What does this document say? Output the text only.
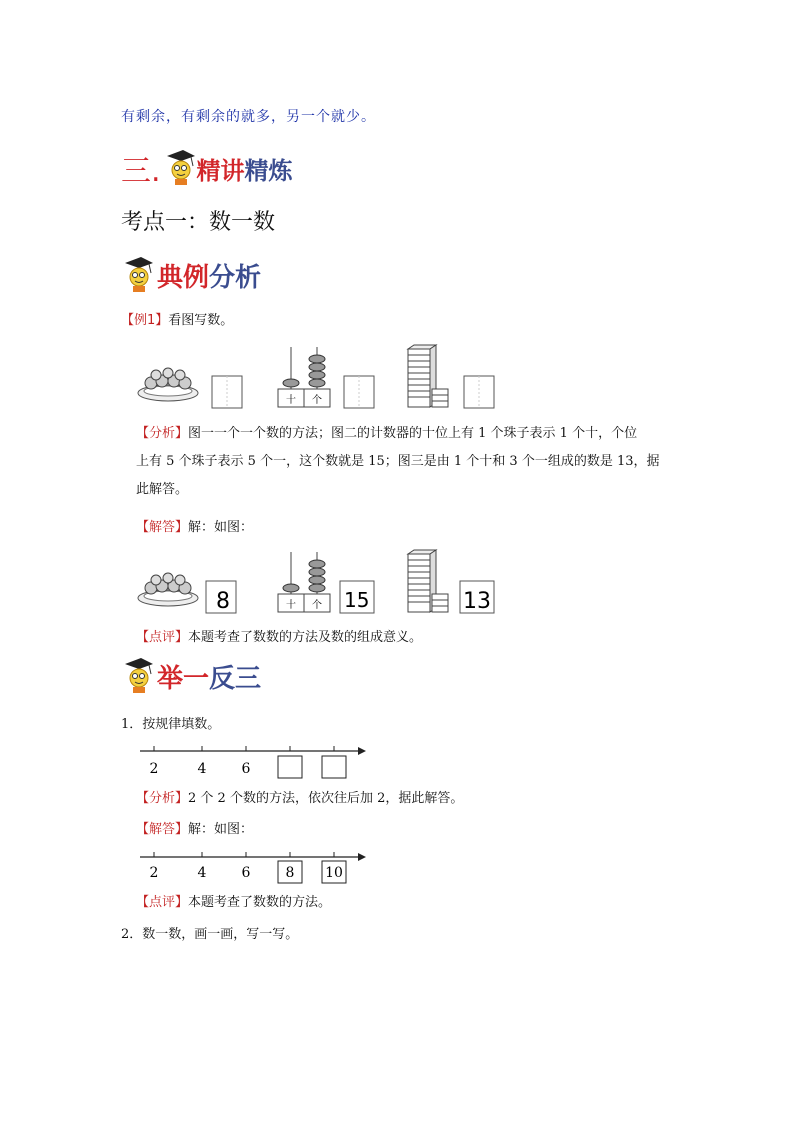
有剩余，有剩余的就多，另一个就少。
三. 精讲 精炼
考点一：数一数
典例 分析
【例1】看图写数。
十 个
【分析】图一一个一个数的方法；图二的计数器的十位上有 1 个珠子表示 1 个十，个位
上有 5 个珠子表示 5 个一，这个数就是 15；图三是由 1 个十和 3 个一组成的数是 13，据
此解答。
【解答】解：如图：
8	十 个 15	13
【点评】本题考查了数数的方法及数的组成意义。
举一 反三
1．按规律填数。
2	4	6
【分析】2 个 2 个数的方法，依次往后加 2，据此解答。
【解答】解：如图：
2	4	6	8 10
【点评】本题考查了数数的方法。
2．数一数，画一画，写一写。
